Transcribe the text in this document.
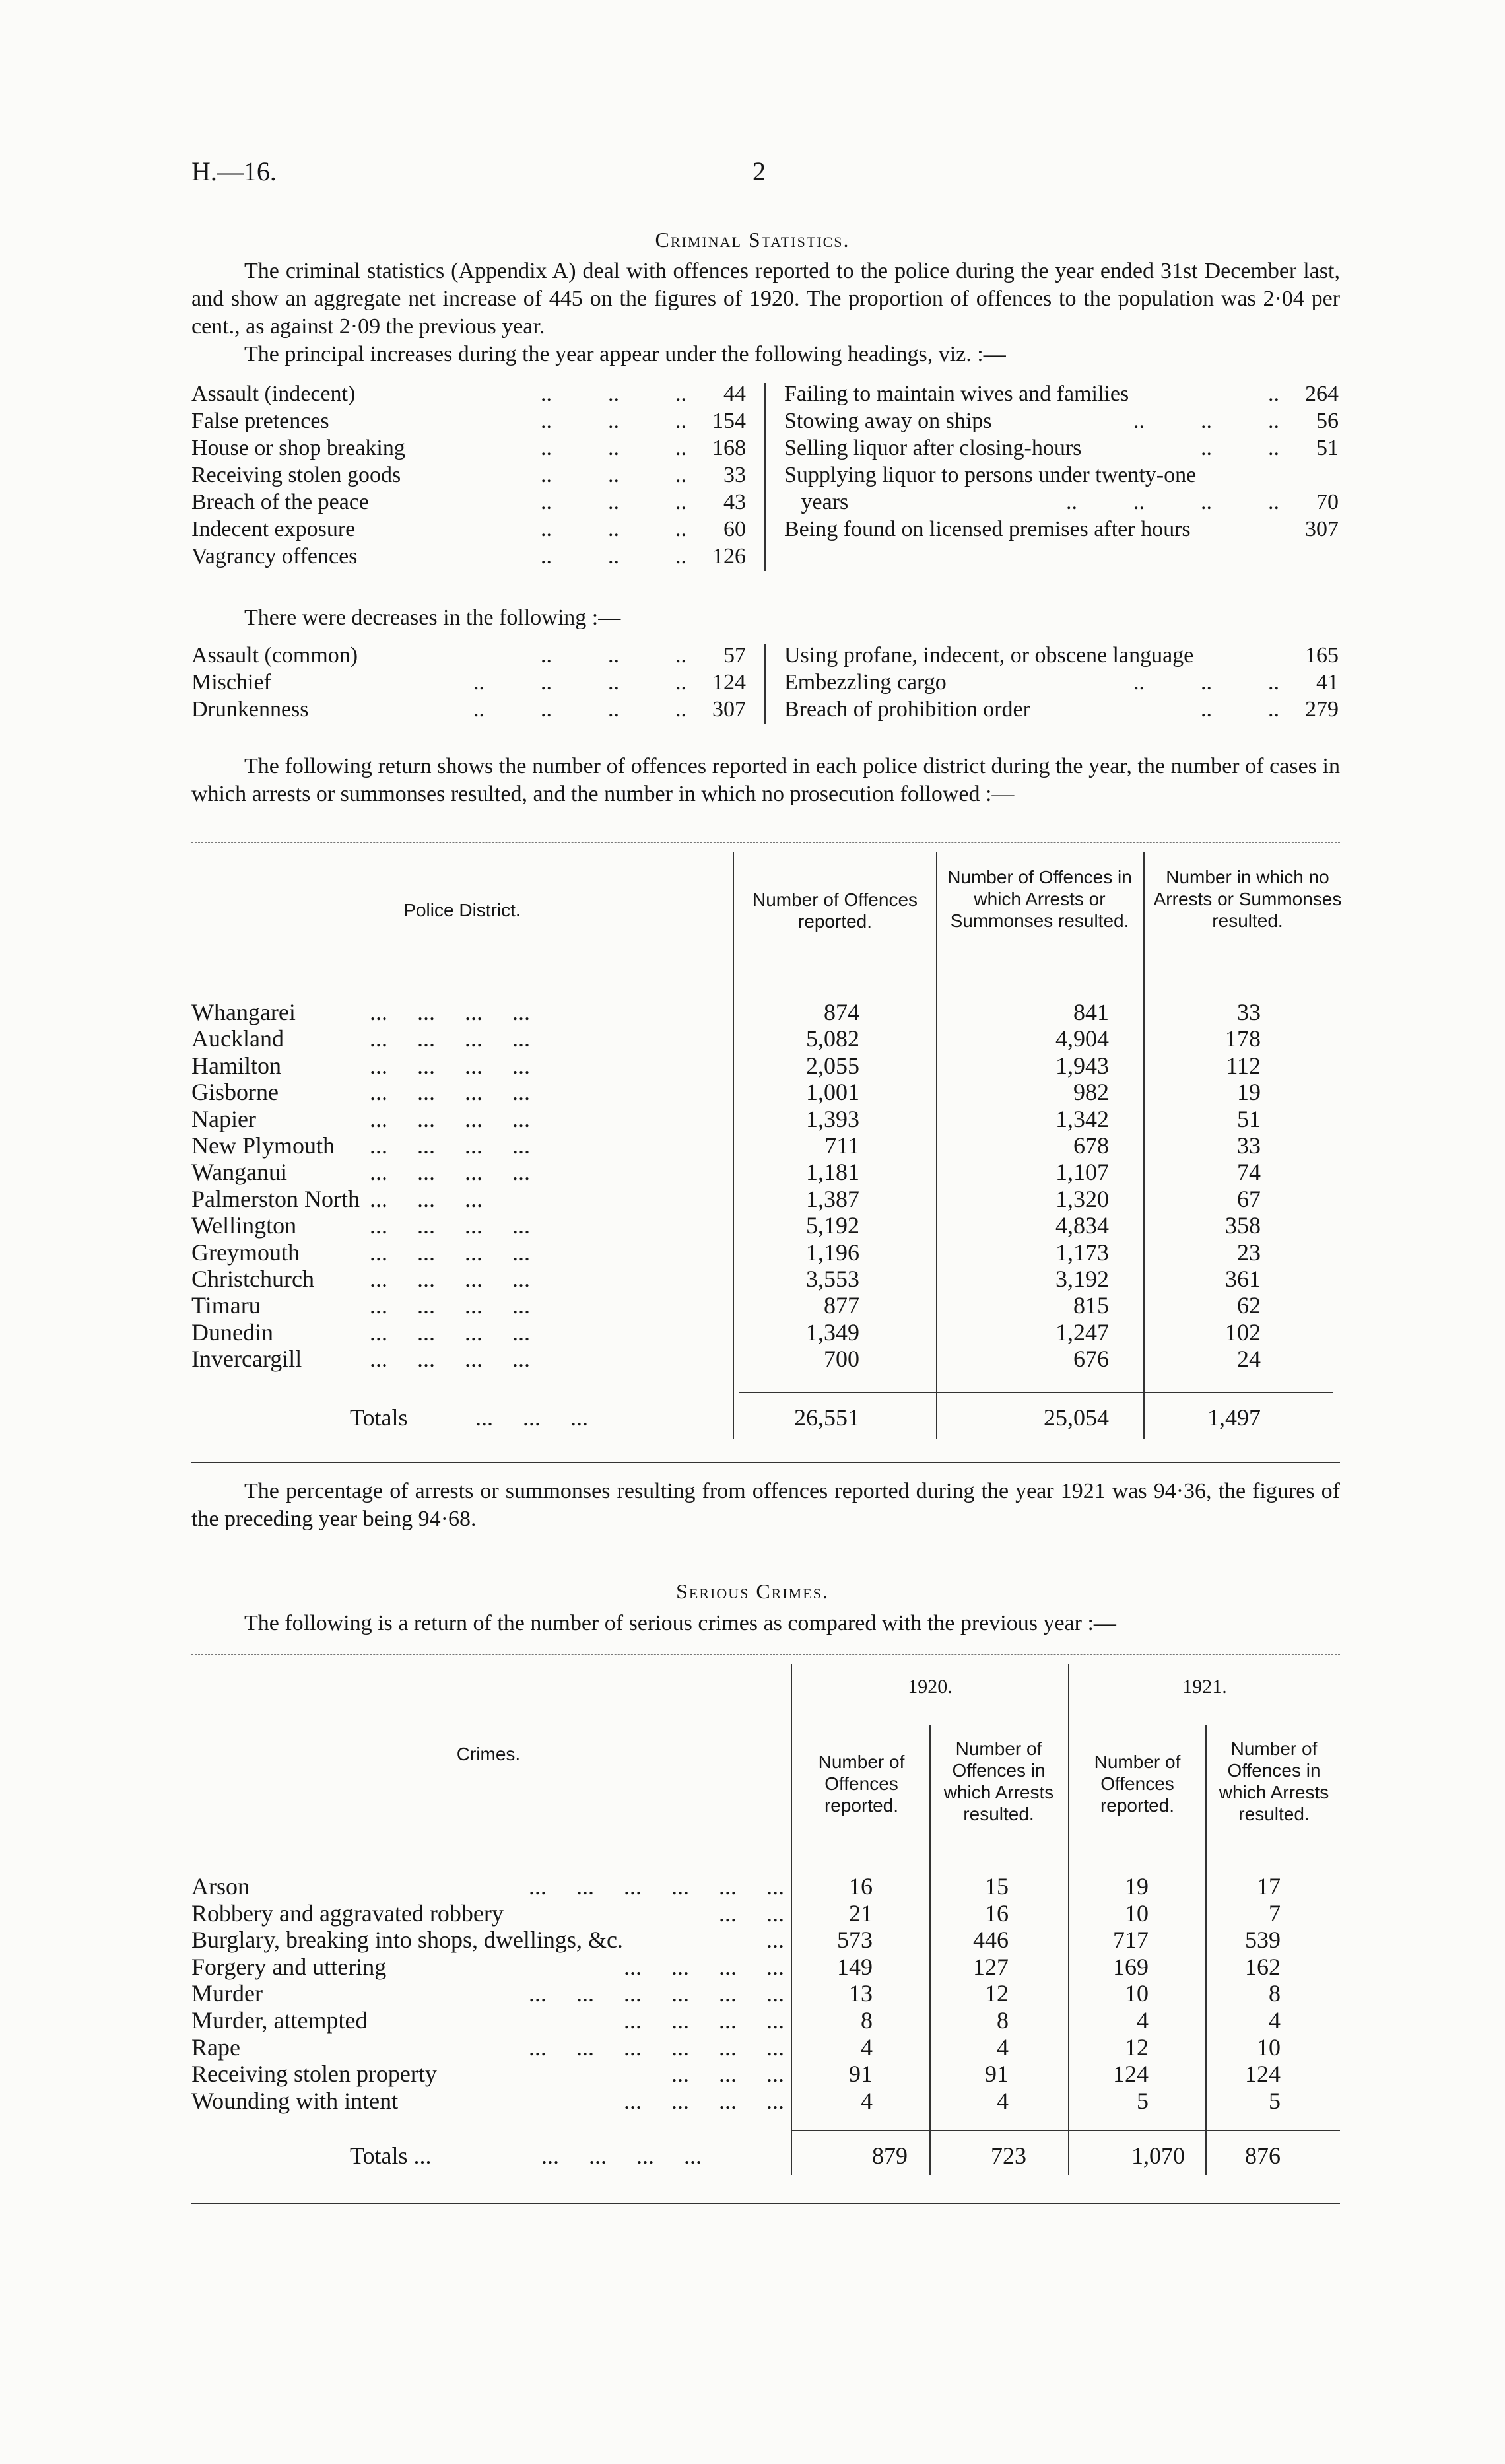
H.—16.	2
Criminal Statistics.

The criminal statistics (Appendix A) deal with offences reported to the police during the year ended 31st December last, and show an aggregate net increase of 445 on the figures of 1920. The proportion of offences to the population was 2·04 per cent., as against 2·09 the previous year.

The principal increases during the year appear under the following headings, viz. :—

Assault (indecent)	..          ..          .. 44
False pretences	..          ..          .. 154
House or shop breaking	..          ..          .. 168
Receiving stolen goods	..          ..          .. 33
Breach of the peace	..          ..          .. 43
Indecent exposure	..          ..          .. 60
Vagrancy offences	..          ..          .. 126
Failing to maintain wives and families	.. 264
Stowing away on ships	..          ..          .. 56
Selling liquor after closing-hours	..          .. 51
Supplying liquor to persons under twenty-one
years	..          ..          ..          .. 70
Being found on licensed premises after hours	307

There were decreases in the following :—

Assault (common)	..          ..          .. 57
Mischief	..          ..          ..          .. 124
Drunkenness	..          ..          ..          .. 307
Using profane, indecent, or obscene language	165
Embezzling cargo	..          ..          .. 41
Breach of prohibition order	..          .. 279

The following return shows the number of offences reported in each police district during the year, the number of cases in which arrests or summonses resulted, and the number in which no prosecution followed :—

Police District.
Number of Offences reported.
Number of Offences in which Arrests or Summonses resulted.
Number in which no Arrests or Summonses resulted.
Whangarei	...     ...     ...     ...	874	841	33
Auckland	...     ...     ...     ...	5,082	4,904	178
Hamilton	...     ...     ...     ...	2,055	1,943	112
Gisborne	...     ...     ...     ...	1,001	982	19
Napier	...     ...     ...     ...	1,393	1,342	51
New Plymouth ...     ...     ...     ...	711	678	33
Wanganui	...     ...     ...     ...	1,181	1,107	74
Palmerston North ...     ...     ...	1,387	1,320	67
Wellington	...     ...     ...     ...	5,192	4,834	358
Greymouth	...     ...     ...     ...	1,196	1,173	23
Christchurch ...     ...     ...     ...	3,553	3,192	361
Timaru	...     ...     ...     ...	877	815	62
Dunedin	...     ...     ...     ...	1,349	1,247	102
Invercargill	...     ...     ...     ...	700	676	24
Totals	...     ...     ...	26,551	25,054	1,497

The percentage of arrests or summonses resulting from offences reported during the year 1921 was 94·36, the figures of the preceding year being 94·68.

Serious Crimes.

The following is a return of the number of serious crimes as compared with the previous year :—

1920.	1921.
Crimes.	Number of Offences reported.
Number of Offences in which Arrests resulted.
Number of Offences reported.
Number of Offences in which Arrests resulted.
Arson	...     ...     ...     ...     ...     ...	16	15	19	17
Robbery and aggravated robbery	...     ...	21	16	10	7
Burglary, breaking into shops, dwellings, &c.	... 573	446	717	539
Forgery and uttering	...     ...     ...     ... 149	127	169	162
Murder	...     ...     ...     ...     ...     ...	13	12	10	8
Murder, attempted	...     ...     ...     ...	8	8	4	4
Rape	...     ...     ...     ...     ...     ...	4	4	12	10
Receiving stolen property	...     ...     ...	91	91	124	124
Wounding with intent	...     ...     ...     ...	4	4	5	5
Totals ...	...     ...     ...     ...	879	723	1,070	876
